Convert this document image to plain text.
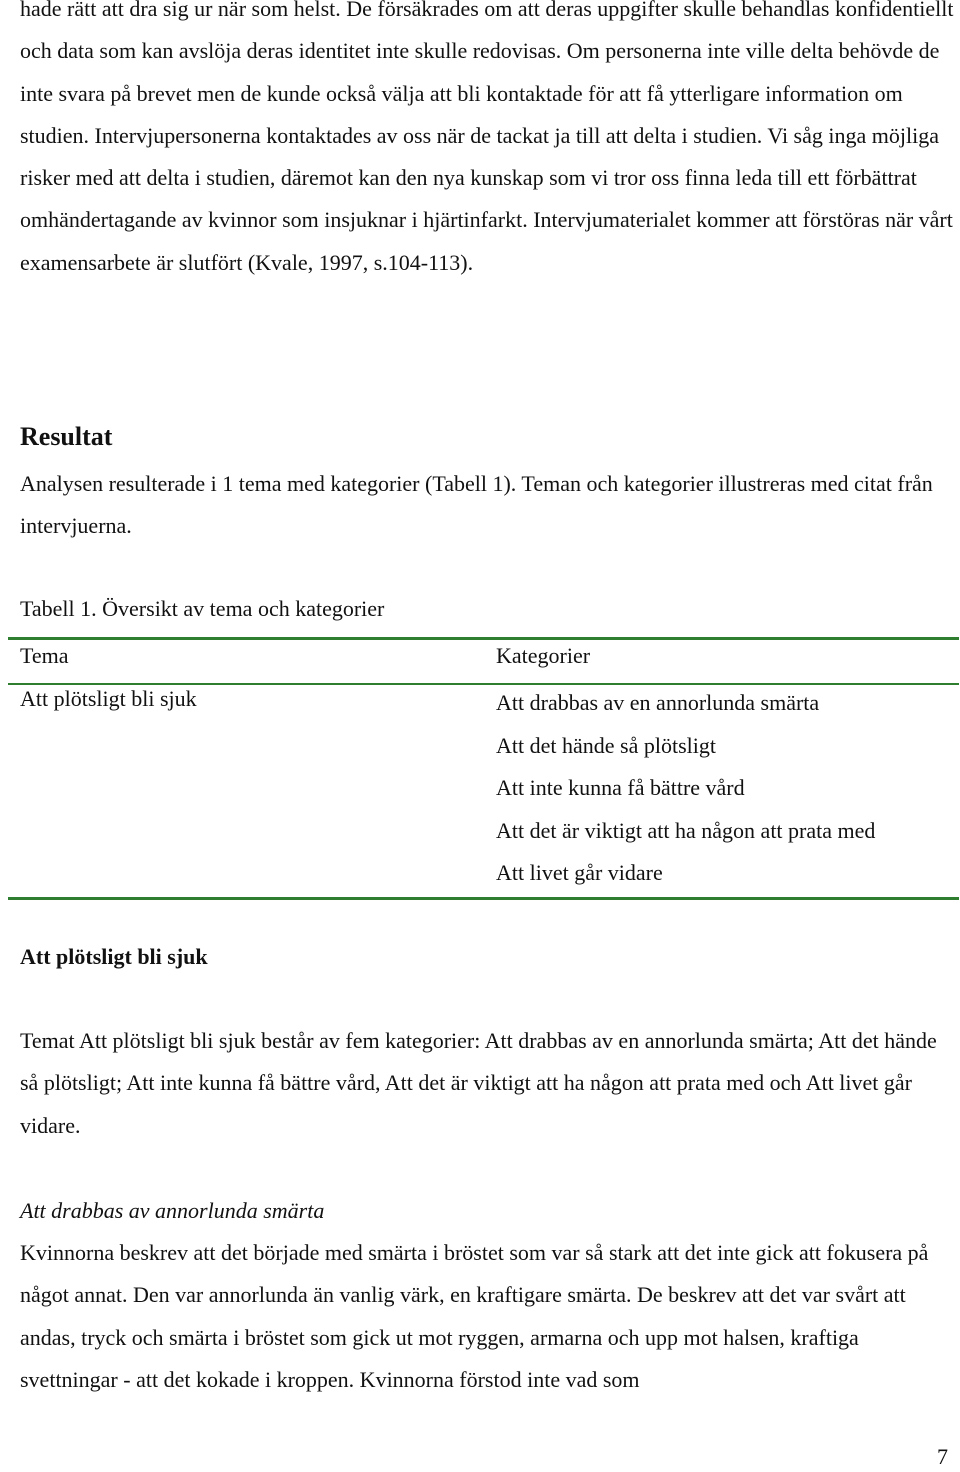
hade rätt att dra sig ur när som helst. De försäkrades om att deras uppgifter skulle behandlas konfidentiellt och data som kan avslöja deras identitet inte skulle redovisas. Om personerna inte ville delta behövde de inte svara på brevet men de kunde också välja att bli kontaktade för att få ytterligare information om studien. Intervjupersonerna kontaktades av oss när de tackat ja till att delta i studien. Vi såg inga möjliga risker med att delta i studien, däremot kan den nya kunskap som vi tror oss finna leda till ett förbättrat omhändertagande av kvinnor som insjuknar i hjärtinfarkt. Intervjumaterialet kommer att förstöras när vårt examensarbete är slutfört (Kvale, 1997, s.104-113).

Resultat

Analysen resulterade i 1 tema med kategorier (Tabell 1). Teman och kategorier illustreras med citat från intervjuerna.

Tabell 1. Översikt av tema och kategorier

Tema	Kategorier
Att plötsligt bli sjuk	Att drabbas av en annorlunda smärta
Att det hände så plötsligt
Att inte kunna få bättre vård
Att det är viktigt att ha någon att prata med
Att livet går vidare
Att plötsligt bli sjuk

Temat Att plötsligt bli sjuk består av fem kategorier: Att drabbas av en annorlunda smärta; Att det hände så plötsligt; Att inte kunna få bättre vård, Att det är viktigt att ha någon att prata med och Att livet går vidare.

Att drabbas av annorlunda smärta

Kvinnorna beskrev att det började med smärta i bröstet som var så stark att det inte gick att fokusera på något annat. Den var annorlunda än vanlig värk, en kraftigare smärta. De beskrev att det var svårt att andas, tryck och smärta i bröstet som gick ut mot ryggen, armarna och upp mot halsen, kraftiga svettningar - att det kokade i kroppen. Kvinnorna förstod inte vad som

7
